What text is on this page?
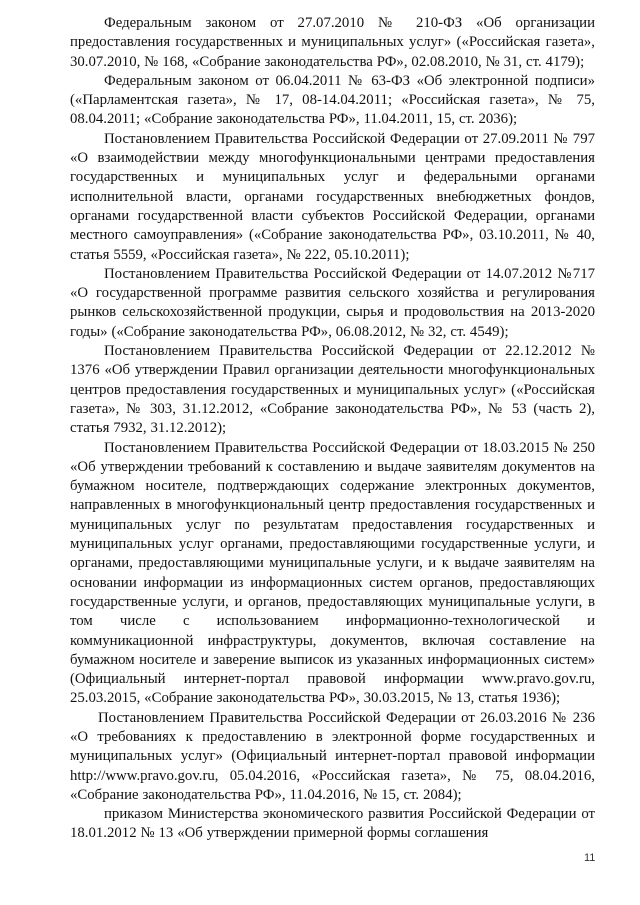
Федеральным законом от 27.07.2010 № 210-ФЗ «Об организации предоставления государственных и муниципальных услуг» («Российская газета», 30.07.2010, № 168, «Собрание законодательства РФ», 02.08.2010, № 31, ст. 4179);

Федеральным законом от 06.04.2011 № 63-ФЗ «Об электронной подписи» («Парламентская газета», № 17, 08-14.04.2011; «Российская газета», № 75, 08.04.2011; «Собрание законодательства РФ», 11.04.2011, 15, ст. 2036);

Постановлением Правительства Российской Федерации от 27.09.2011 № 797 «О взаимодействии между многофункциональными центрами предоставления государственных и муниципальных услуг и федеральными органами исполнительной власти, органами государственных внебюджетных фондов, органами государственной власти субъектов Российской Федерации, органами местного самоуправления» («Собрание законодательства РФ», 03.10.2011, № 40, статья 5559, «Российская газета», № 222, 05.10.2011);

Постановлением Правительства Российской Федерации от 14.07.2012 №717 «О государственной программе развития сельского хозяйства и регулирования рынков сельскохозяйственной продукции, сырья и продовольствия на 2013-2020 годы» («Собрание законодательства РФ», 06.08.2012, № 32, ст. 4549);

Постановлением Правительства Российской Федерации от 22.12.2012 № 1376 «Об утверждении Правил организации деятельности многофункциональных центров предоставления государственных и муниципальных услуг» («Российская газета», № 303, 31.12.2012, «Собрание законодательства РФ», № 53 (часть 2), статья 7932, 31.12.2012);

Постановлением Правительства Российской Федерации от 18.03.2015 № 250 «Об утверждении требований к составлению и выдаче заявителям документов на бумажном носителе, подтверждающих содержание электронных документов, направленных в многофункциональный центр предоставления государственных и муниципальных услуг по результатам предоставления государственных и муниципальных услуг органами, предоставляющими государственные услуги, и органами, предоставляющими муниципальные услуги, и к выдаче заявителям на основании информации из информационных систем органов, предоставляющих государственные услуги, и органов, предоставляющих муниципальные услуги, в том числе с использованием информационно-технологической и коммуникационной инфраструктуры, документов, включая составление на бумажном носителе и заверение выписок из указанных информационных систем» (Официальный интернет-портал правовой информации www.pravo.gov.ru, 25.03.2015, «Собрание законодательства РФ», 30.03.2015, № 13, статья 1936);

Постановлением Правительства Российской Федерации от 26.03.2016 № 236 «О требованиях к предоставлению в электронной форме государственных и муниципальных услуг» (Официальный интернет-портал правовой информации http://www.pravo.gov.ru, 05.04.2016, «Российская газета», № 75, 08.04.2016, «Собрание законодательства РФ», 11.04.2016, № 15, ст. 2084);

приказом Министерства экономического развития Российской Федерации от 18.01.2012 № 13 «Об утверждении примерной формы соглашения

11
